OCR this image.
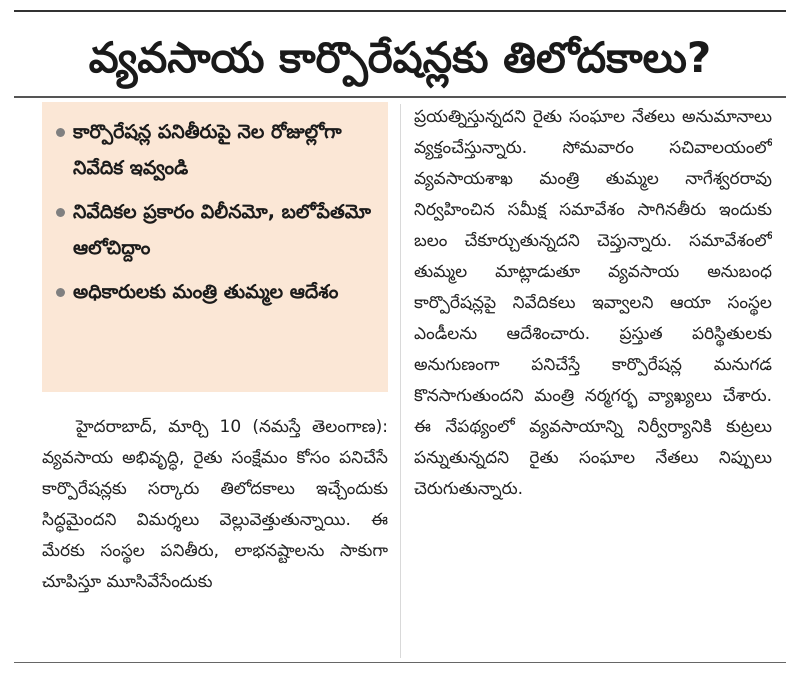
వ్యవసాయ కార్పొరేషన్లకు తిలోదకాలు?
కార్పొరేషన్ల పనితీరుపై నెల రోజుల్లోగా నివేదిక ఇవ్వండి
నివేదికల ప్రకారం విలీనమో, బలోపేతమో ఆలోచిద్దాం
అధికారులకు మంత్రి తుమ్మల ఆదేశం

హైదరాబాద్, మార్చి 10 (నమస్తే తెలంగాణ): వ్యవసాయ అభివృద్ధి, రైతు సంక్షేమం కోసం పనిచేసే కార్పొరేషన్లకు సర్కారు తిలోదకాలు ఇచ్చేందుకు సిద్ధమైందని విమర్శలు వెల్లువెత్తుతున్నాయి. ఈ మేరకు సంస్థల పనితీరు, లాభనష్టాలను సాకుగా చూపిస్తూ మూసివేసేందుకు

ప్రయత్నిస్తున్నదని రైతు సంఘాల నేతలు అనుమానాలు వ్యక్తంచేస్తున్నారు. సోమవారం సచివాలయంలో వ్యవసాయశాఖ మంత్రి తుమ్మల నాగేశ్వరరావు నిర్వహించిన సమీక్ష సమావేశం సాగినతీరు ఇందుకు బలం చేకూర్చుతున్నదని చెప్తున్నారు. సమావేశంలో తుమ్మల మాట్లాడుతూ వ్యవసాయ అనుబంధ కార్పొరేషన్లపై నివేదికలు ఇవ్వాలని ఆయా సంస్థల ఎండీలను ఆదేశించారు. ప్రస్తుత పరిస్థితులకు అనుగుణంగా పనిచేస్తే కార్పొరేషన్ల మనుగడ కొనసాగుతుందని మంత్రి నర్మగర్భ వ్యాఖ్యలు చేశారు. ఈ నేపథ్యంలో వ్యవసాయాన్ని నిర్వీర్యానికి కుట్రలు పన్నుతున్నదని రైతు సంఘాల నేతలు నిప్పులు చెరుగుతున్నారు.
